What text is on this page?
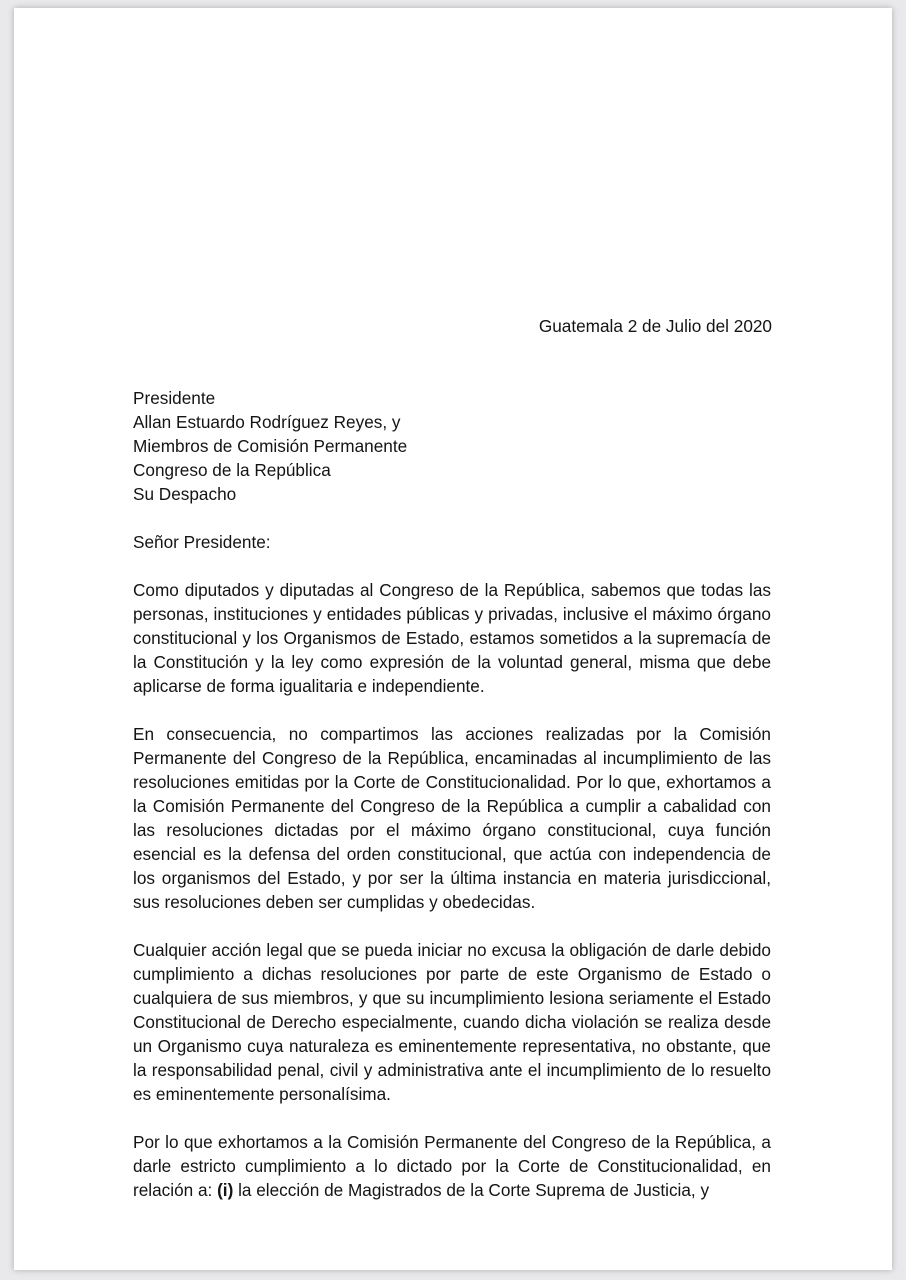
Guatemala 2 de Julio del 2020
Presidente
Allan Estuardo Rodríguez Reyes, y
Miembros de Comisión Permanente
Congreso de la República
Su Despacho
Señor Presidente:
Como diputados y diputadas al Congreso de la República, sabemos que todas las personas, instituciones y entidades públicas y privadas, inclusive el máximo órgano constitucional y los Organismos de Estado, estamos sometidos a la supremacía de la Constitución y la ley como expresión de la voluntad general, misma que debe aplicarse de forma igualitaria e independiente.
En consecuencia, no compartimos las acciones realizadas por la Comisión Permanente del Congreso de la República, encaminadas al incumplimiento de las resoluciones emitidas por la Corte de Constitucionalidad. Por lo que, exhortamos a la Comisión Permanente del Congreso de la República a cumplir a cabalidad con las resoluciones dictadas por el máximo órgano constitucional, cuya función esencial es la defensa del orden constitucional, que actúa con independencia de los organismos del Estado, y por ser la última instancia en materia jurisdiccional, sus resoluciones deben ser cumplidas y obedecidas.
Cualquier acción legal que se pueda iniciar no excusa la obligación de darle debido cumplimiento a dichas resoluciones por parte de este Organismo de Estado o cualquiera de sus miembros, y que su incumplimiento lesiona seriamente el Estado Constitucional de Derecho especialmente, cuando dicha violación se realiza desde un Organismo cuya naturaleza es eminentemente representativa, no obstante, que la responsabilidad penal, civil y administrativa ante el incumplimiento de lo resuelto es eminentemente personalísima.
Por lo que exhortamos a la Comisión Permanente del Congreso de la República, a darle estricto cumplimiento a lo dictado por la Corte de Constitucionalidad, en relación a: (i) la elección de Magistrados de la Corte Suprema de Justicia, y
